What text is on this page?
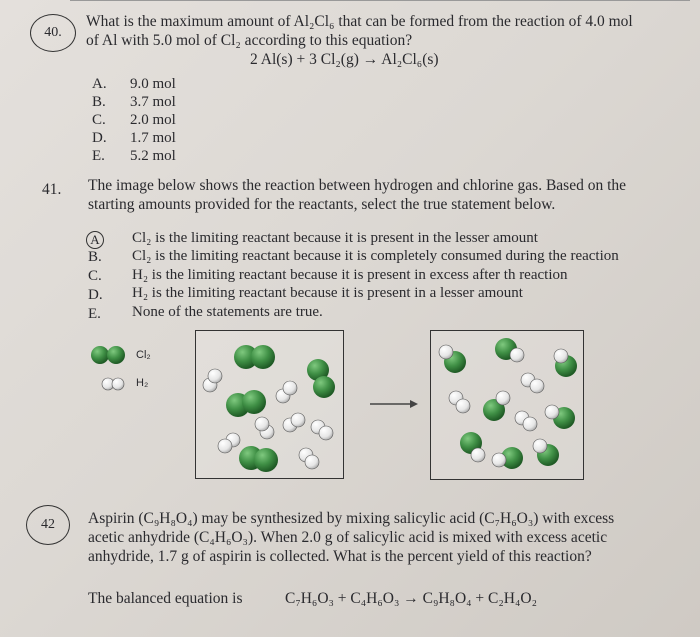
40.
What is the maximum amount of Al₂Cl₆ that can be formed from the reaction of 4.0 mol
of Al with 5.0 mol of Cl₂ according to this equation?
2 Al(s) + 3 Cl₂(g) → Al₂Cl₆(s)
A. 9.0 mol
B. 3.7 mol
C. 2.0 mol
D. 1.7 mol
E. 5.2 mol
41. The image below shows the reaction between hydrogen and chlorine gas. Based on the
starting amounts provided for the reactants, select the true statement below.
A Cl₂ is the limiting reactant because it is present in the lesser amount
B. Cl₂ is the limiting reactant because it is completely consumed during the reaction
C. H₂ is the limiting reactant because it is present in excess after th reaction
D. H₂ is the limiting reactant because it is present in a lesser amount
E. None of the statements are true.
Cl₂
H₂
42 Aspirin (C₉H₈O₄) may be synthesized by mixing salicylic acid (C₇H₆O₃) with excess
acetic anhydride (C₄H₆O₃). When 2.0 g of salicylic acid is mixed with excess acetic
anhydride, 1.7 g of aspirin is collected. What is the percent yield of this reaction?
The balanced equation is	C₇H₆O₃ + C₄H₆O₃ → C₉H₈O₄ + C₂H₄O₂
